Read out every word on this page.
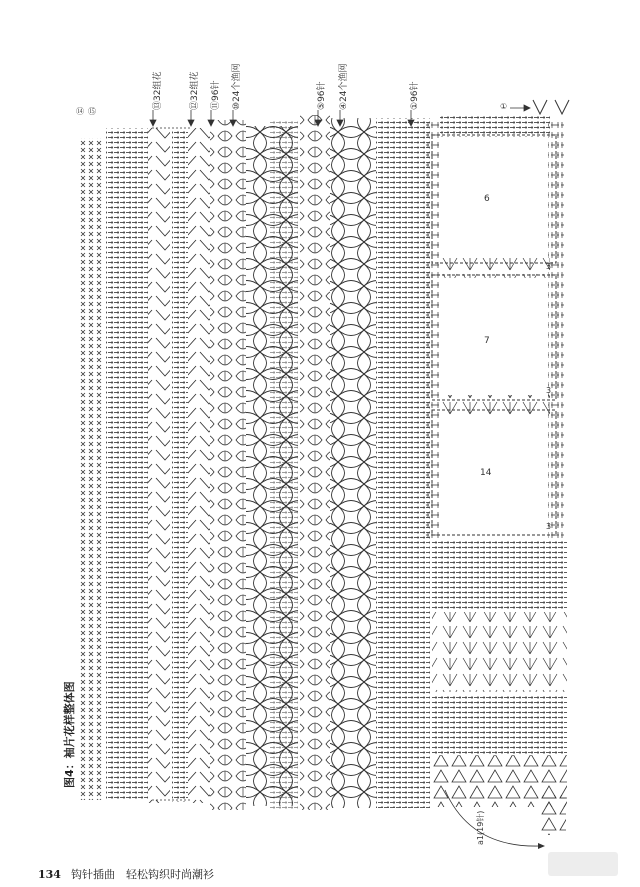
⑬32组花	⑫32组花	⑪96针	⑩24个渔网	⑤96针	④24个渔网	①96针
⑭ ⑮
①
6
7
14
3
3
3
a1(19针)
图4：袖片花样整体图
134 钩针插曲　轻松钩织时尚潮衫
